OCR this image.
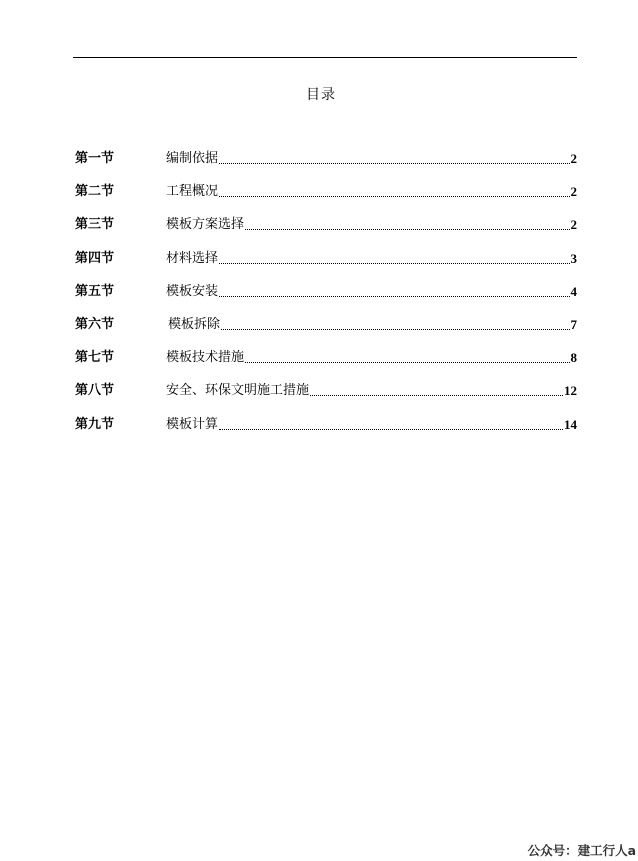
目录
第一节	编制依据	2
第二节	工程概况	2
第三节	模板方案选择	2
第四节	材料选择	3
第五节	模板安装	4
第六节	模板拆除	7
第七节	模板技术措施	8
第八节	安全、环保文明施工措施	12
第九节	模板计算	14
公众号：建工行人a
